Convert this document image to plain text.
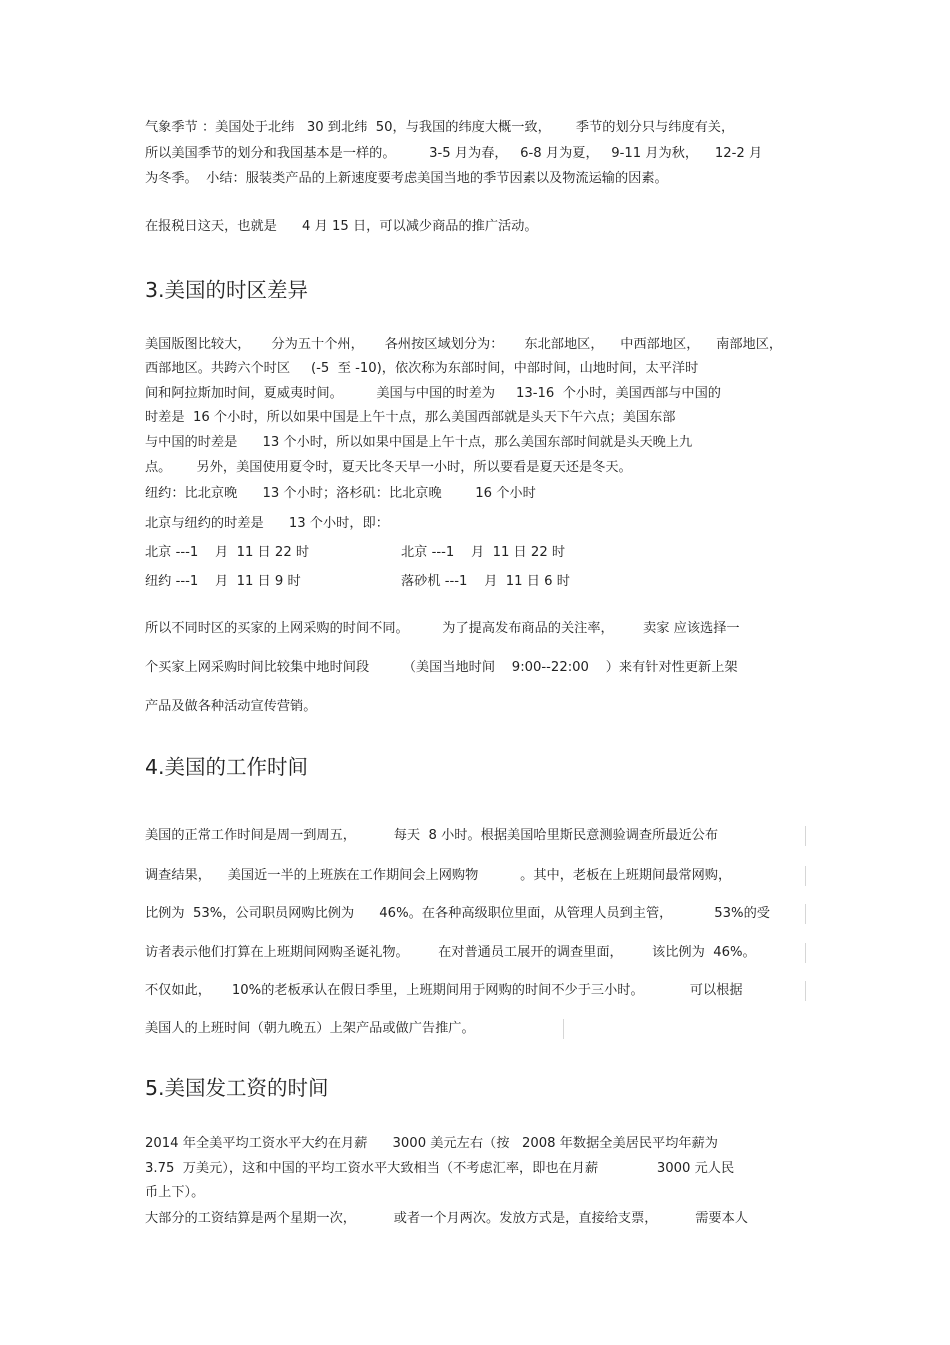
气象季节 ：美国处于北纬   30 到北纬  50，与我国的纬度大概一致，      季节的划分只与纬度有关，
所以美国季节的划分和我国基本是一样的。        3-5 月为春，   6-8 月为夏，   9-11 月为秋，    12-2 月
为冬季。  小结：服装类产品的上新速度要考虑美国当地的季节因素以及物流运输的因素。
在报税日这天，也就是      4 月 15 日，可以减少商品的推广活动。
3.美国的时区差异
美国版图比较大，     分为五十个州，     各州按区域划分为：     东北部地区，    中西部地区，    南部地区，
西部地区。共跨六个时区     (-5  至 -10)，依次称为东部时间，中部时间，山地时间，太平洋时
间和阿拉斯加时间，夏威夷时间。        美国与中国的时差为     13-16  个小时，美国西部与中国的
时差是  16 个小时，所以如果中国是上午十点，那么美国西部就是头天下午六点；美国东部
与中国的时差是      13 个小时，所以如果中国是上午十点，那么美国东部时间就是头天晚上九
点。      另外，美国使用夏令时，夏天比冬天早一小时，所以要看是夏天还是冬天。
纽约：比北京晚      13 个小时；洛杉矶：比北京晚        16 个小时
北京与纽约的时差是      13 个小时，即：
北京 ---1    月  11 日 22 时	北京 ---1    月  11 日 22 时
纽约 ---1    月  11 日 9 时	落砂机 ---1    月  11 日 6 时
所以不同时区的买家的上网采购的时间不同。        为了提高发布商品的关注率，       卖家 应该选择一
个买家上网采购时间比较集中地时间段        （美国当地时间    9:00--22:00    ）来有针对性更新上架
产品及做各种活动宣传营销。
4.美国的工作时间
美国的正常工作时间是周一到周五，         每天  8 小时。根据美国哈里斯民意测验调查所最近公布
调查结果，    美国近一半的上班族在工作期间会上网购物          。其中，老板在上班期间最常网购，
比例为  53%，公司职员网购比例为      46%。在各种高级职位里面，从管理人员到主管，          53%的受
访者表示他们打算在上班期间网购圣诞礼物。       在对普通员工展开的调查里面，       该比例为  46%。
不仅如此，     10%的老板承认在假日季里，上班期间用于网购的时间不少于三小时。           可以根据
美国人的上班时间（朝九晚五）上架产品或做广告推广。
5.美国发工资的时间
2014 年全美平均工资水平大约在月薪      3000 美元左右（按   2008 年数据全美居民平均年薪为
3.75  万美元），这和中国的平均工资水平大致相当（不考虑汇率，即也在月薪              3000 元人民
币上下）。
大部分的工资结算是两个星期一次，         或者一个月两次。发放方式是，直接给支票，         需要本人
